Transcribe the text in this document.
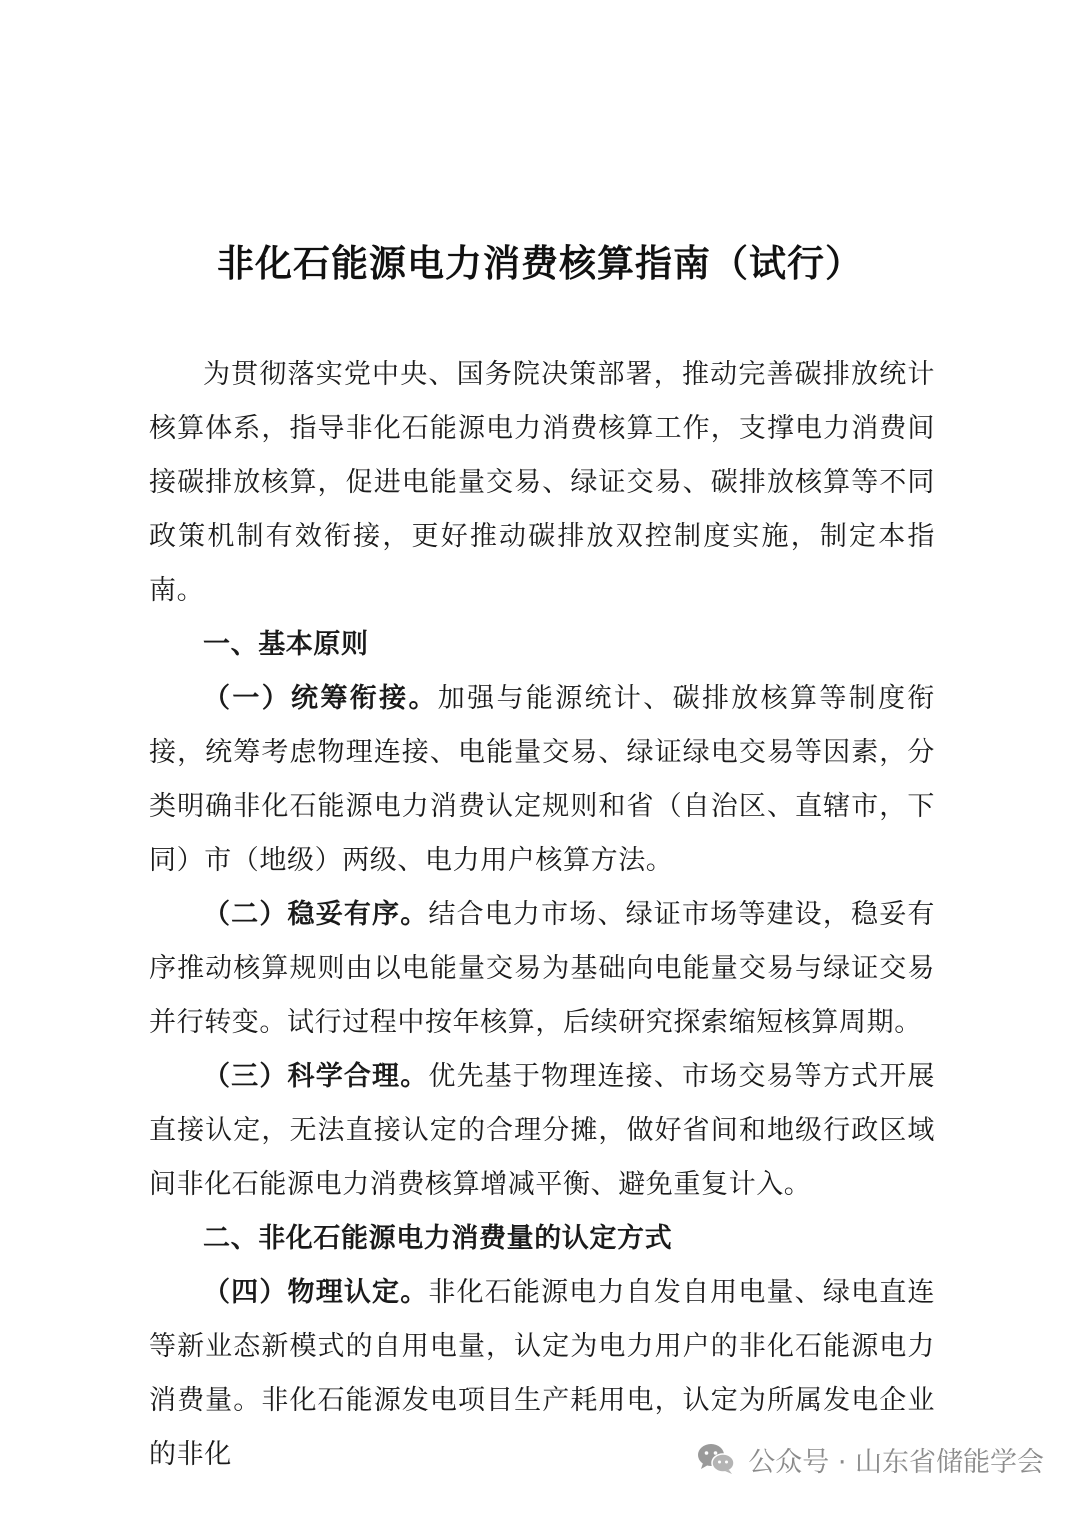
非化石能源电力消费核算指南（试行）

为贯彻落实党中央、国务院决策部署，推动完善碳排放统计核算体系，指导非化石能源电力消费核算工作，支撑电力消费间接碳排放核算，促进电能量交易、绿证交易、碳排放核算等不同政策机制有效衔接，更好推动碳排放双控制度实施，制定本指南。

一、基本原则

（一）统筹衔接。加强与能源统计、碳排放核算等制度衔接，统筹考虑物理连接、电能量交易、绿证绿电交易等因素，分类明确非化石能源电力消费认定规则和省（自治区、直辖市，下同）市（地级）两级、电力用户核算方法。

（二）稳妥有序。结合电力市场、绿证市场等建设，稳妥有序推动核算规则由以电能量交易为基础向电能量交易与绿证交易并行转变。试行过程中按年核算，后续研究探索缩短核算周期。

（三）科学合理。优先基于物理连接、市场交易等方式开展直接认定，无法直接认定的合理分摊，做好省间和地级行政区域间非化石能源电力消费核算增减平衡、避免重复计入。

二、非化石能源电力消费量的认定方式

（四）物理认定。非化石能源电力自发自用电量、绿电直连等新业态新模式的自用电量，认定为电力用户的非化石能源电力消费量。非化石能源发电项目生产耗用电，认定为所属发电企业的非化	公众号 · 山东省储能学会
